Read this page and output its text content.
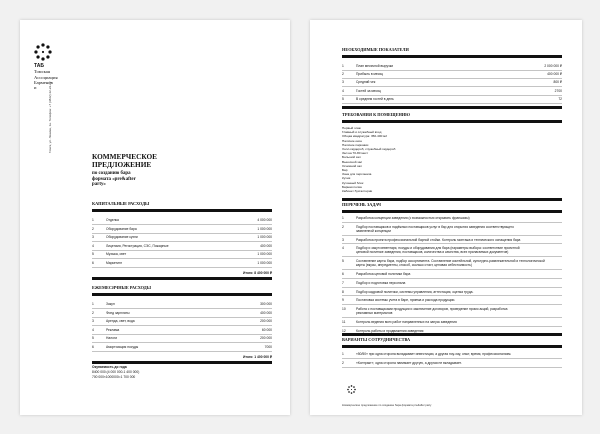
ТАБ
Томская
Ассоциация
Барменов
и	Томск, ул. Ленина, 1а. Телефон: +7 (3822) 22-22-22
КОММЕРЧЕСКОЕ
ПРЕДЛОЖЕНИЕ
по созданию бара
формата «pre&after
party»
КАПИТАЛЬНЫЕ РАСХОДЫ
1	Отделка	4 000 000
2	Оборудование бара	1 000 000
3	Оборудование кухни	1 000 000
4	Лицензия, Регистрация, СЭС, Пожарные	400 000
5	Музыка, свет	1 000 000
6	Маркетинг	1 000 000
Итого: 8 400 000 ₽
ЕЖЕМЕСЯЧНЫЕ РАСХОДЫ
1	Закуп	300 000
2	Фонд зарплаты	400 000
3	Аренда, свет, вода	200 000
4	Реклама	60 000
5	Налоги	200 000
6	Амортизация посуды	7000
Итого: 1 400 000 ₽
Окупаемость до года
8400 000:(4 000 000-1 400 000)
700 000×1000000=1 700 000
НЕОБХОДИМЫЕ ПОКАЗАТЕЛИ
1	План месячной выручки	2 000 000 ₽
2	Прибыль в месяц	400 000 ₽
3	Средний чек	800 ₽
4	Гостей за месяц	2700
5	В среднем гостей в день	72
ТРЕБОВАНИЯ К ПОМЕЩЕНИЮ
Первый этаж
Главный и служебный вход
Общая квадратура: 350-400 м2
Наличие окон
Наличие парковки
Холл-гардероб, служебный гардероб
Зал на 70-80 мест
Большой зал
Выносной зал
Основной зал
Бар
Зона для персонала
Кухня
Кухонный блок
Барная полка
Кабинет бухгалтерии
ПЕРЕЧЕНЬ ЗАДАЧ
1	Разработка концепции заведения (с возможностью открывать франшизы)
2	Подбор поставщиков и надёжных поставщиков услуг в бар для открытия заведения соответствующего
заявленной концепции
3	Разработка проекта профессиональной барной стойки. Контроль монтажа и технического оснащения бара
4	Подбор и закуп инвентаря, посуды и оборудования для бара (параметры выбора: соответствие проектной
ценовой политике заведения, поставщиков, количества и качества, всех прилагаемых документов)
5	Составление карты бара, подбор ассортимента. Составление коктейльной, культурно-развлекательной и технологической
карты (вкусы, ингредиенты, способ, сколько стоит, ценовая себестоимость)
6	Разработка ценовой политики бара
7	Подбор и подготовка персонала
8	Подбор кадровой политики, системы управления, аттестация, оценка труда.
9	Постановка системы учета в баре, приема и расхода продукции.
10	Работа с поставщиками продукции и заключение договоров, проведение промо акций, разработка
рекламных материалов
11	Контроль ведения всех работ направленных на запуск заведения
12	Контроль работы и продвижения заведения
ВАРИАНТЫ СОТРУДНИЧЕСТВА
1	«50/50» при одна сторона вкладывает инвестиции, а другая ноу-хау, опыт, время, профессионализм.
2	«Контракт», одна сторона нанимает другую, а другая не вкладывает.
Коммерческое предложение по созданию бара формата pre&after party
